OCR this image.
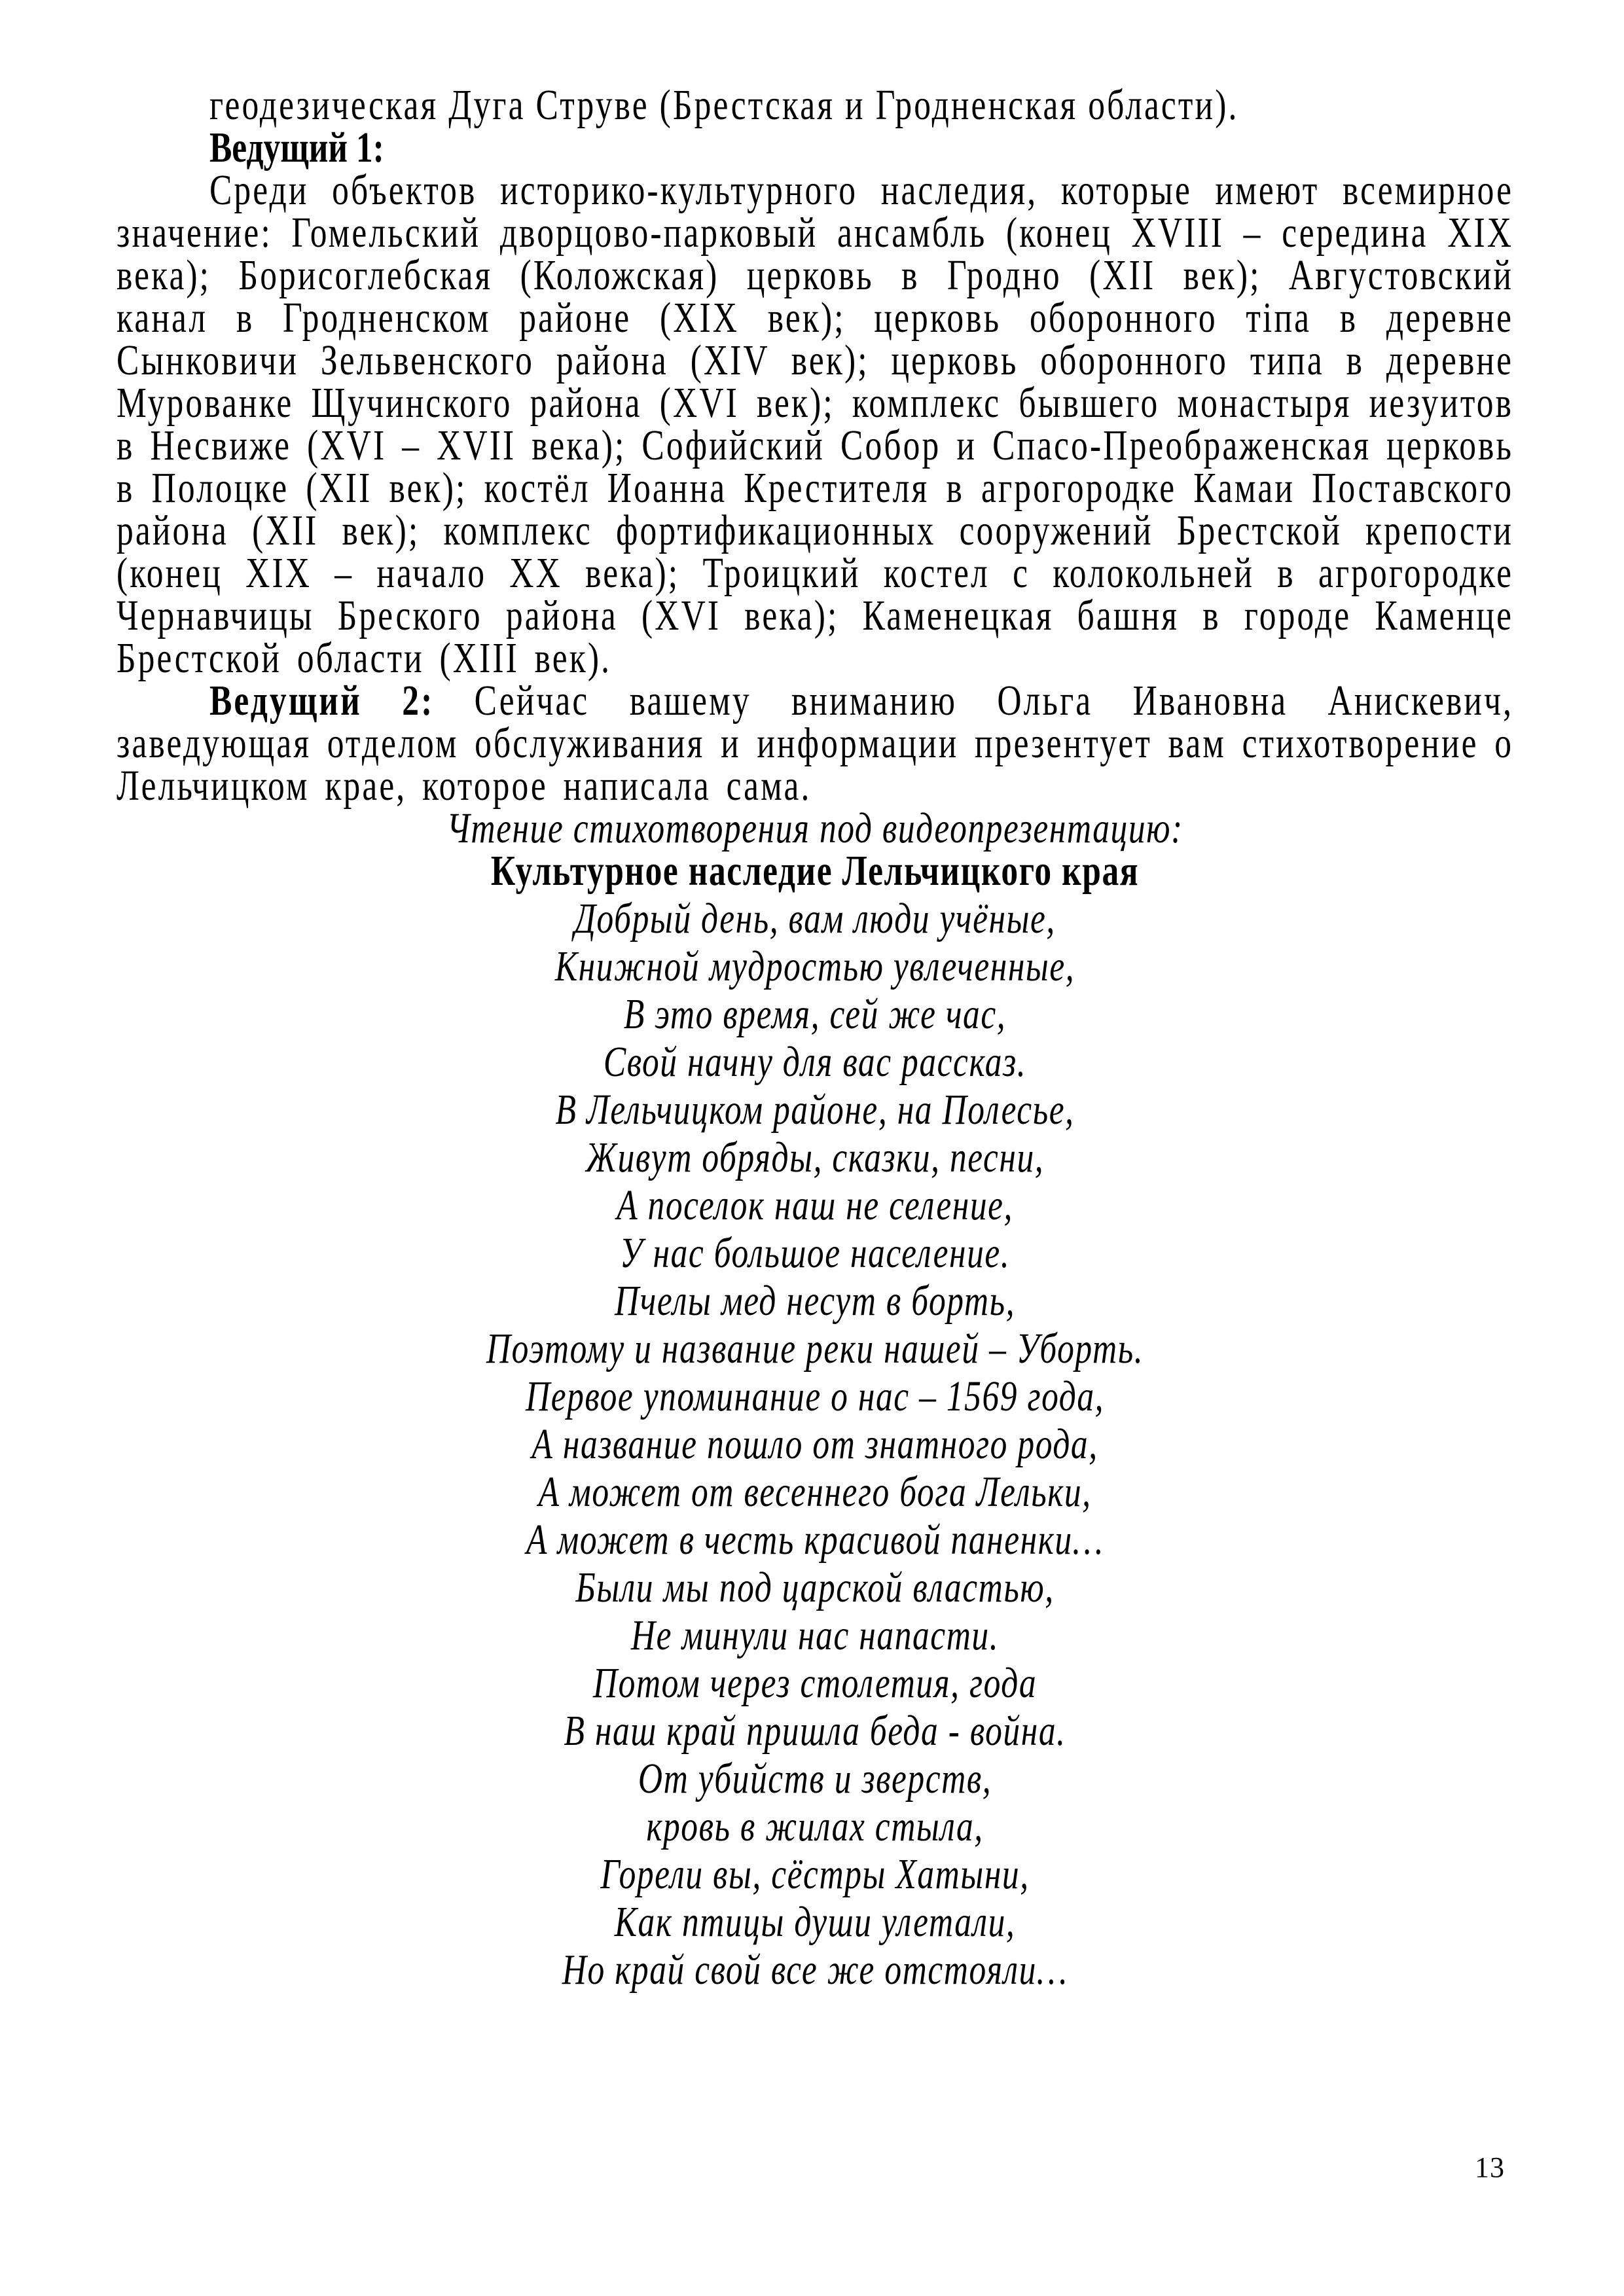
геодезическая Дуга Струве (Брестская и Гродненская области).

Ведущий 1:

Среди объектов историко-культурного наследия, которые имеют всемирное значение: Гомельский дворцово-парковый ансамбль (конец XVIII – середина XIX века); Борисоглебская (Коложская) церковь в Гродно (XII век); Августовский канал в Гродненском районе (XIX век); церковь оборонного тіпа в деревне Сынковичи Зельвенского района (XIV век); церковь оборонного типа в деревне Мурованке Щучинского района (XVI век); комплекс бывшего монастыря иезуитов в Несвиже (XVI – XVII века); Софийский Собор и Спасо-Преображенская церковь в Полоцке (XII век); костёл Иоанна Крестителя в агрогородке Камаи Поставского района (XII век); комплекс фортификационных сооружений Брестской крепости (конец XIX – начало XX века); Троицкий костел с колокольней в агрогородке Чернавчицы Бреского района (XVI века); Каменецкая башня в городе Каменце Брестской области (XIII век).

Ведущий 2: Сейчас вашему вниманию Ольга Ивановна Анискевич, заведующая отделом обслуживания и информации презентует вам стихотворение о Лельчицком крае, которое написала сама.

Чтение стихотворения под видеопрезентацию:

Культурное наследие Лельчицкого края

Добрый день, вам люди учёные,
Книжной мудростью увлеченные,
В это время, сей же час,
Свой начну для вас рассказ.
В Лельчицком районе, на Полесье,
Живут обряды, сказки, песни,
А поселок наш не селение,
У нас большое население.
Пчелы мед несут в борть,
Поэтому и название реки нашей – Уборть.
Первое упоминание о нас – 1569 года,
А название пошло от знатного рода,
А может от весеннего бога Лельки,
А может в честь красивой паненки…
Были мы под царской властью,
Не минули нас напасти.
Потом через столетия, года
В наш край пришла беда - война.
От убийств и зверств,
кровь в жилах стыла,
Горели вы, сёстры Хатыни,
Как птицы души улетали,
Но край свой все же отстояли…
13
